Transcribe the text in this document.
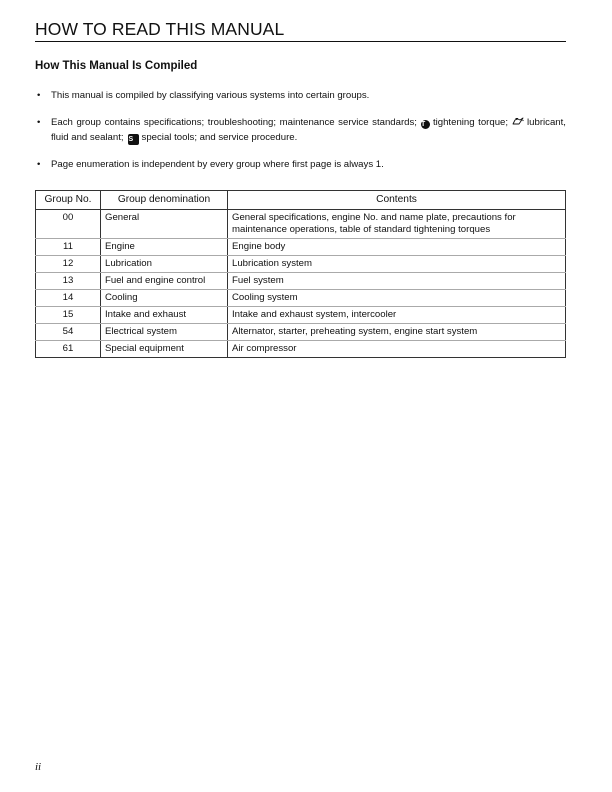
HOW TO READ THIS MANUAL
How This Manual Is Compiled
• This manual is compiled by classifying various systems into certain groups.
• Each group contains specifications; troubleshooting; maintenance service standards; T tightening torque; lubricant, fluid and sealant; S special tools; and service procedure.
• Page enumeration is independent by every group where first page is always 1.
Group No.	Group denomination	Contents
00	General	General specifications, engine No. and name plate, precautions for maintenance operations, table of standard tightening torques
11	Engine	Engine body
12	Lubrication	Lubrication system
13	Fuel and engine control	Fuel system
14	Cooling	Cooling system
15	Intake and exhaust	Intake and exhaust system, intercooler
54	Electrical system	Alternator, starter, preheating system, engine start system
61	Special equipment	Air compressor
ii
